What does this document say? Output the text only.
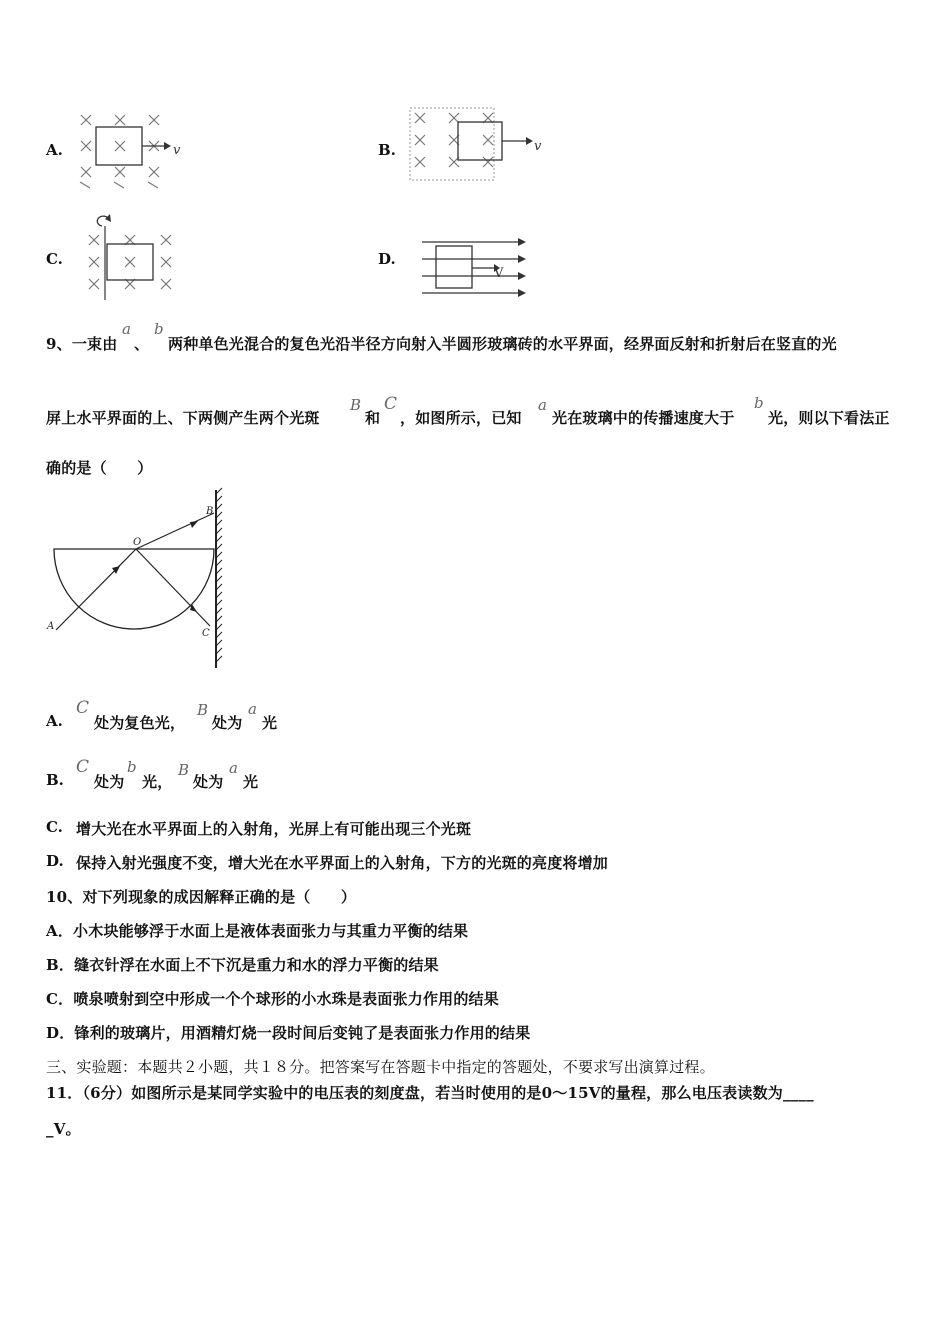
A.	v	B.	v
C.	D.
V
9、一束由
a
、
b
两种单色光混合的复色光沿半径方向射入半圆形玻璃砖的水平界面，经界面反射和折射后在竖直的光
屏上水平界面的上、下两侧产生两个光斑
B
和
C
，如图所示，已知
a
光在玻璃中的传播速度大于
b
光，则以下看法正
确的是（　　）
O
A
B
C
A.
C
处为复色光，
B
处为
a
光
B.
C
处为
b
光，
B
处为
a
光
C. 增大光在水平界面上的入射角，光屏上有可能出现三个光斑
D. 保持入射光强度不变，增大光在水平界面上的入射角，下方的光斑的亮度将增加
10、对下列现象的成因解释正确的是（　　）
A．小木块能够浮于水面上是液体表面张力与其重力平衡的结果
B．缝衣针浮在水面上不下沉是重力和水的浮力平衡的结果
C．喷泉喷射到空中形成一个个球形的小水珠是表面张力作用的结果
D．锋利的玻璃片，用酒精灯烧一段时间后变钝了是表面张力作用的结果
三、实验题：本题共２小题，共１８分。把答案写在答题卡中指定的答题处，不要求写出演算过程。
11．（6分）如图所示是某同学实验中的电压表的刻度盘，若当时使用的是0～15V的量程，那么电压表读数为____
_V。
